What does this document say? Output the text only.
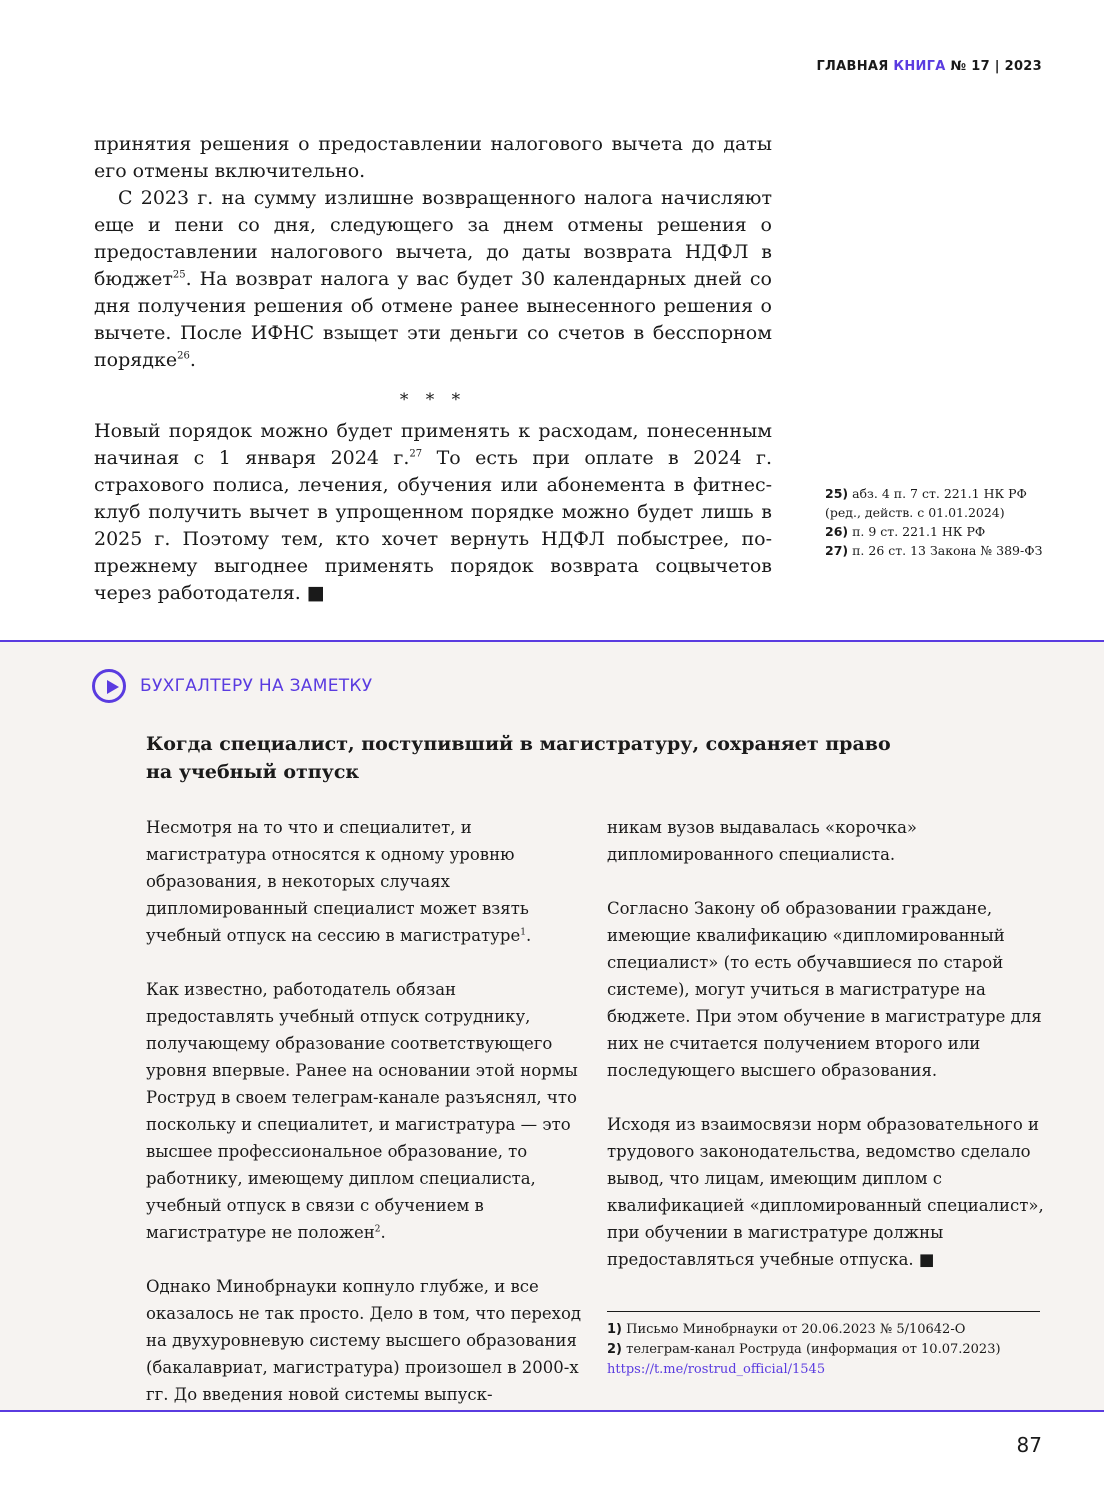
ГЛАВНАЯ КНИГА № 17 | 2023

принятия решения о предоставлении налогового вычета до даты его отмены включительно.

С 2023 г. на сумму излишне возвращенного налога начисляют еще и пени со дня, следующего за днем отмены решения о предоставлении налогового вычета, до даты возврата НДФЛ в бюджет$^{25}$. На возврат налога у вас будет 30 календарных дней со дня получения решения об отмене ранее вынесенного решения о вычете. После ИФНС взыщет эти деньги со счетов в бесспорном порядке$^{26}$.

* * *

Новый порядок можно будет применять к расходам, понесенным начиная с 1 января 2024 г.$^{27}$ То есть при оплате в 2024 г. страхового полиса, лечения, обучения или абонемента в фитнес-клуб получить вычет в упрощенном порядке можно будет лишь в 2025 г. Поэтому тем, кто хочет вернуть НДФЛ побыстрее, по-прежнему выгоднее применять порядок возврата соцвычетов через работодателя. ■

25) абз. 4 п. 7 ст. 221.1 НК РФ (ред., действ. с 01.01.2024)

26) п. 9 ст. 221.1 НК РФ

27) п. 26 ст. 13 Закона № 389-ФЗ

БУХГАЛТЕРУ НА ЗАМЕТКУ
Когда специалист, поступивший в магистратуру, сохраняет право на учебный отпуск

Несмотря на то что и специалитет, и магистратура относятся к одному уровню образования, в некоторых случаях дипломированный специалист может взять учебный отпуск на сессию в магистратуре$^1$.

Как известно, работодатель обязан предоставлять учебный отпуск сотруднику, получающему образование соответствующего уровня впервые. Ранее на основании этой нормы Роструд в своем телеграм-канале разъяснял, что поскольку и специалитет, и магистратура — это высшее профессиональное образование, то работнику, имеющему диплом специалиста, учебный отпуск в связи с обучением в магистратуре не положен$^2$.

Однако Минобрнауки копнуло глубже, и все оказалось не так просто. Дело в том, что переход на двухуровневую систему высшего образования (бакалавриат, магистратура) произошел в 2000-х гг. До введения новой системы выпуск-

никам вузов выдавалась «корочка» дипломированного специалиста.

Согласно Закону об образовании граждане, имеющие квалификацию «дипломированный специалист» (то есть обучавшиеся по старой системе), могут учиться в магистратуре на бюджете. При этом обучение в магистратуре для них не считается получением второго или последующего высшего образования.

Исходя из взаимосвязи норм образовательного и трудового законодательства, ведомство сделало вывод, что лицам, имеющим диплом с квалификацией «дипломированный специалист», при обучении в магистратуре должны предоставляться учебные отпуска. ■

1) Письмо Минобрнауки от 20.06.2023 № 5/10642-О

2) телеграм-канал Роструда (информация от 10.07.2023)

https://t.me/rostrud_official/1545

87
